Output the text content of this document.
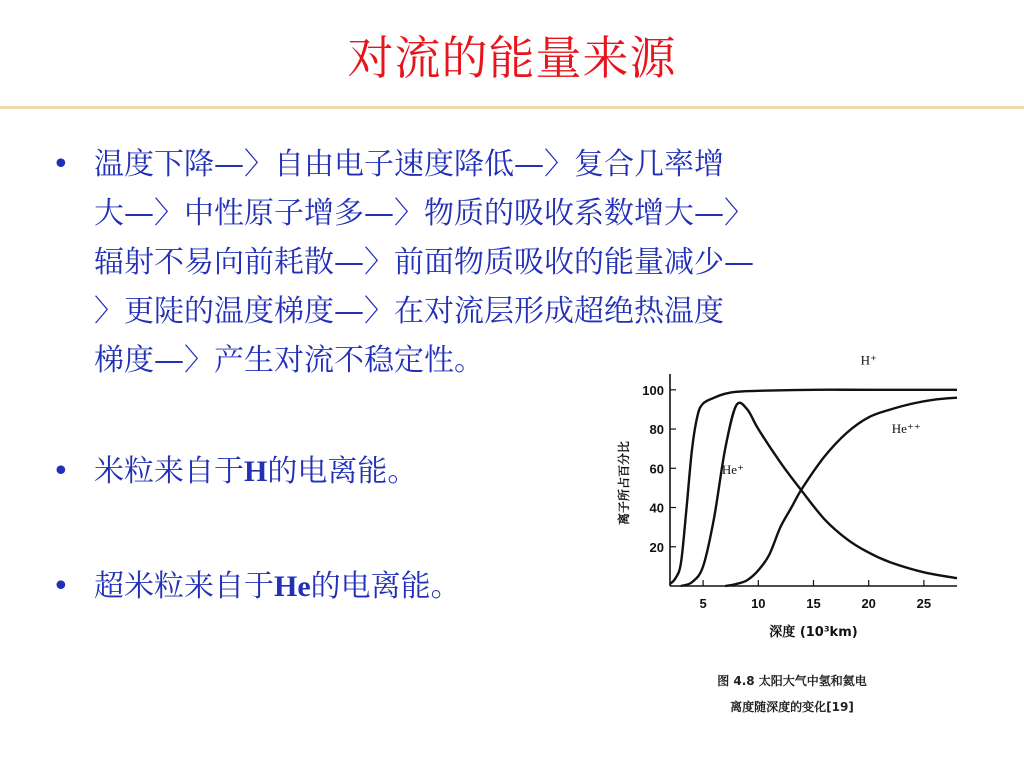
对流的能量来源
• 温度下降—〉自由电子速度降低—〉复合几率增
大—〉中性原子增多—〉物质的吸收系数增大—〉
辐射不易向前耗散—〉前面物质吸收的能量减少—
〉更陡的温度梯度—〉在对流层形成超绝热温度
梯度—〉产生对流不稳定性。
• 米粒来自于H的电离能。
• 超米粒来自于He的电离能。
20
40
60
80
100
5	10	15	20	25
深度 (10³km)
离子所占百分比
H⁺
He⁺
He⁺⁺
图 4.8 太阳大气中氢和氦电
离度随深度的变化[19]
